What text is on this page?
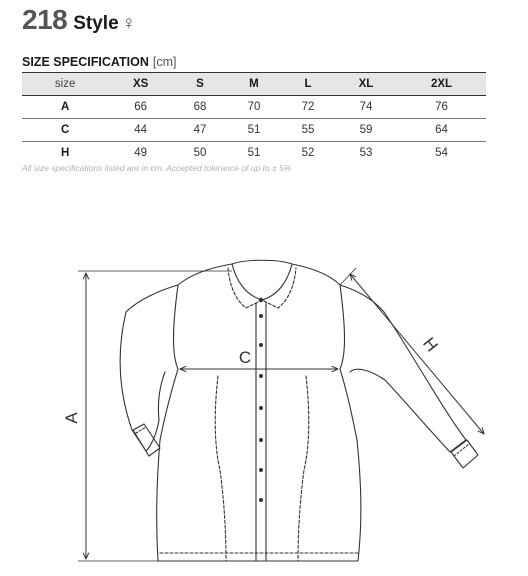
218 Style ♀
SIZE SPECIFICATION [cm]
size	XS	S	M	L	XL	2XL
A	66	68	70	72	74	76
C	44	47	51	55	59	64
H	49	50	51	52	53	54
All size specifications listed are in cm. Accepted tolerance of up to ± 5%
A
C
H
